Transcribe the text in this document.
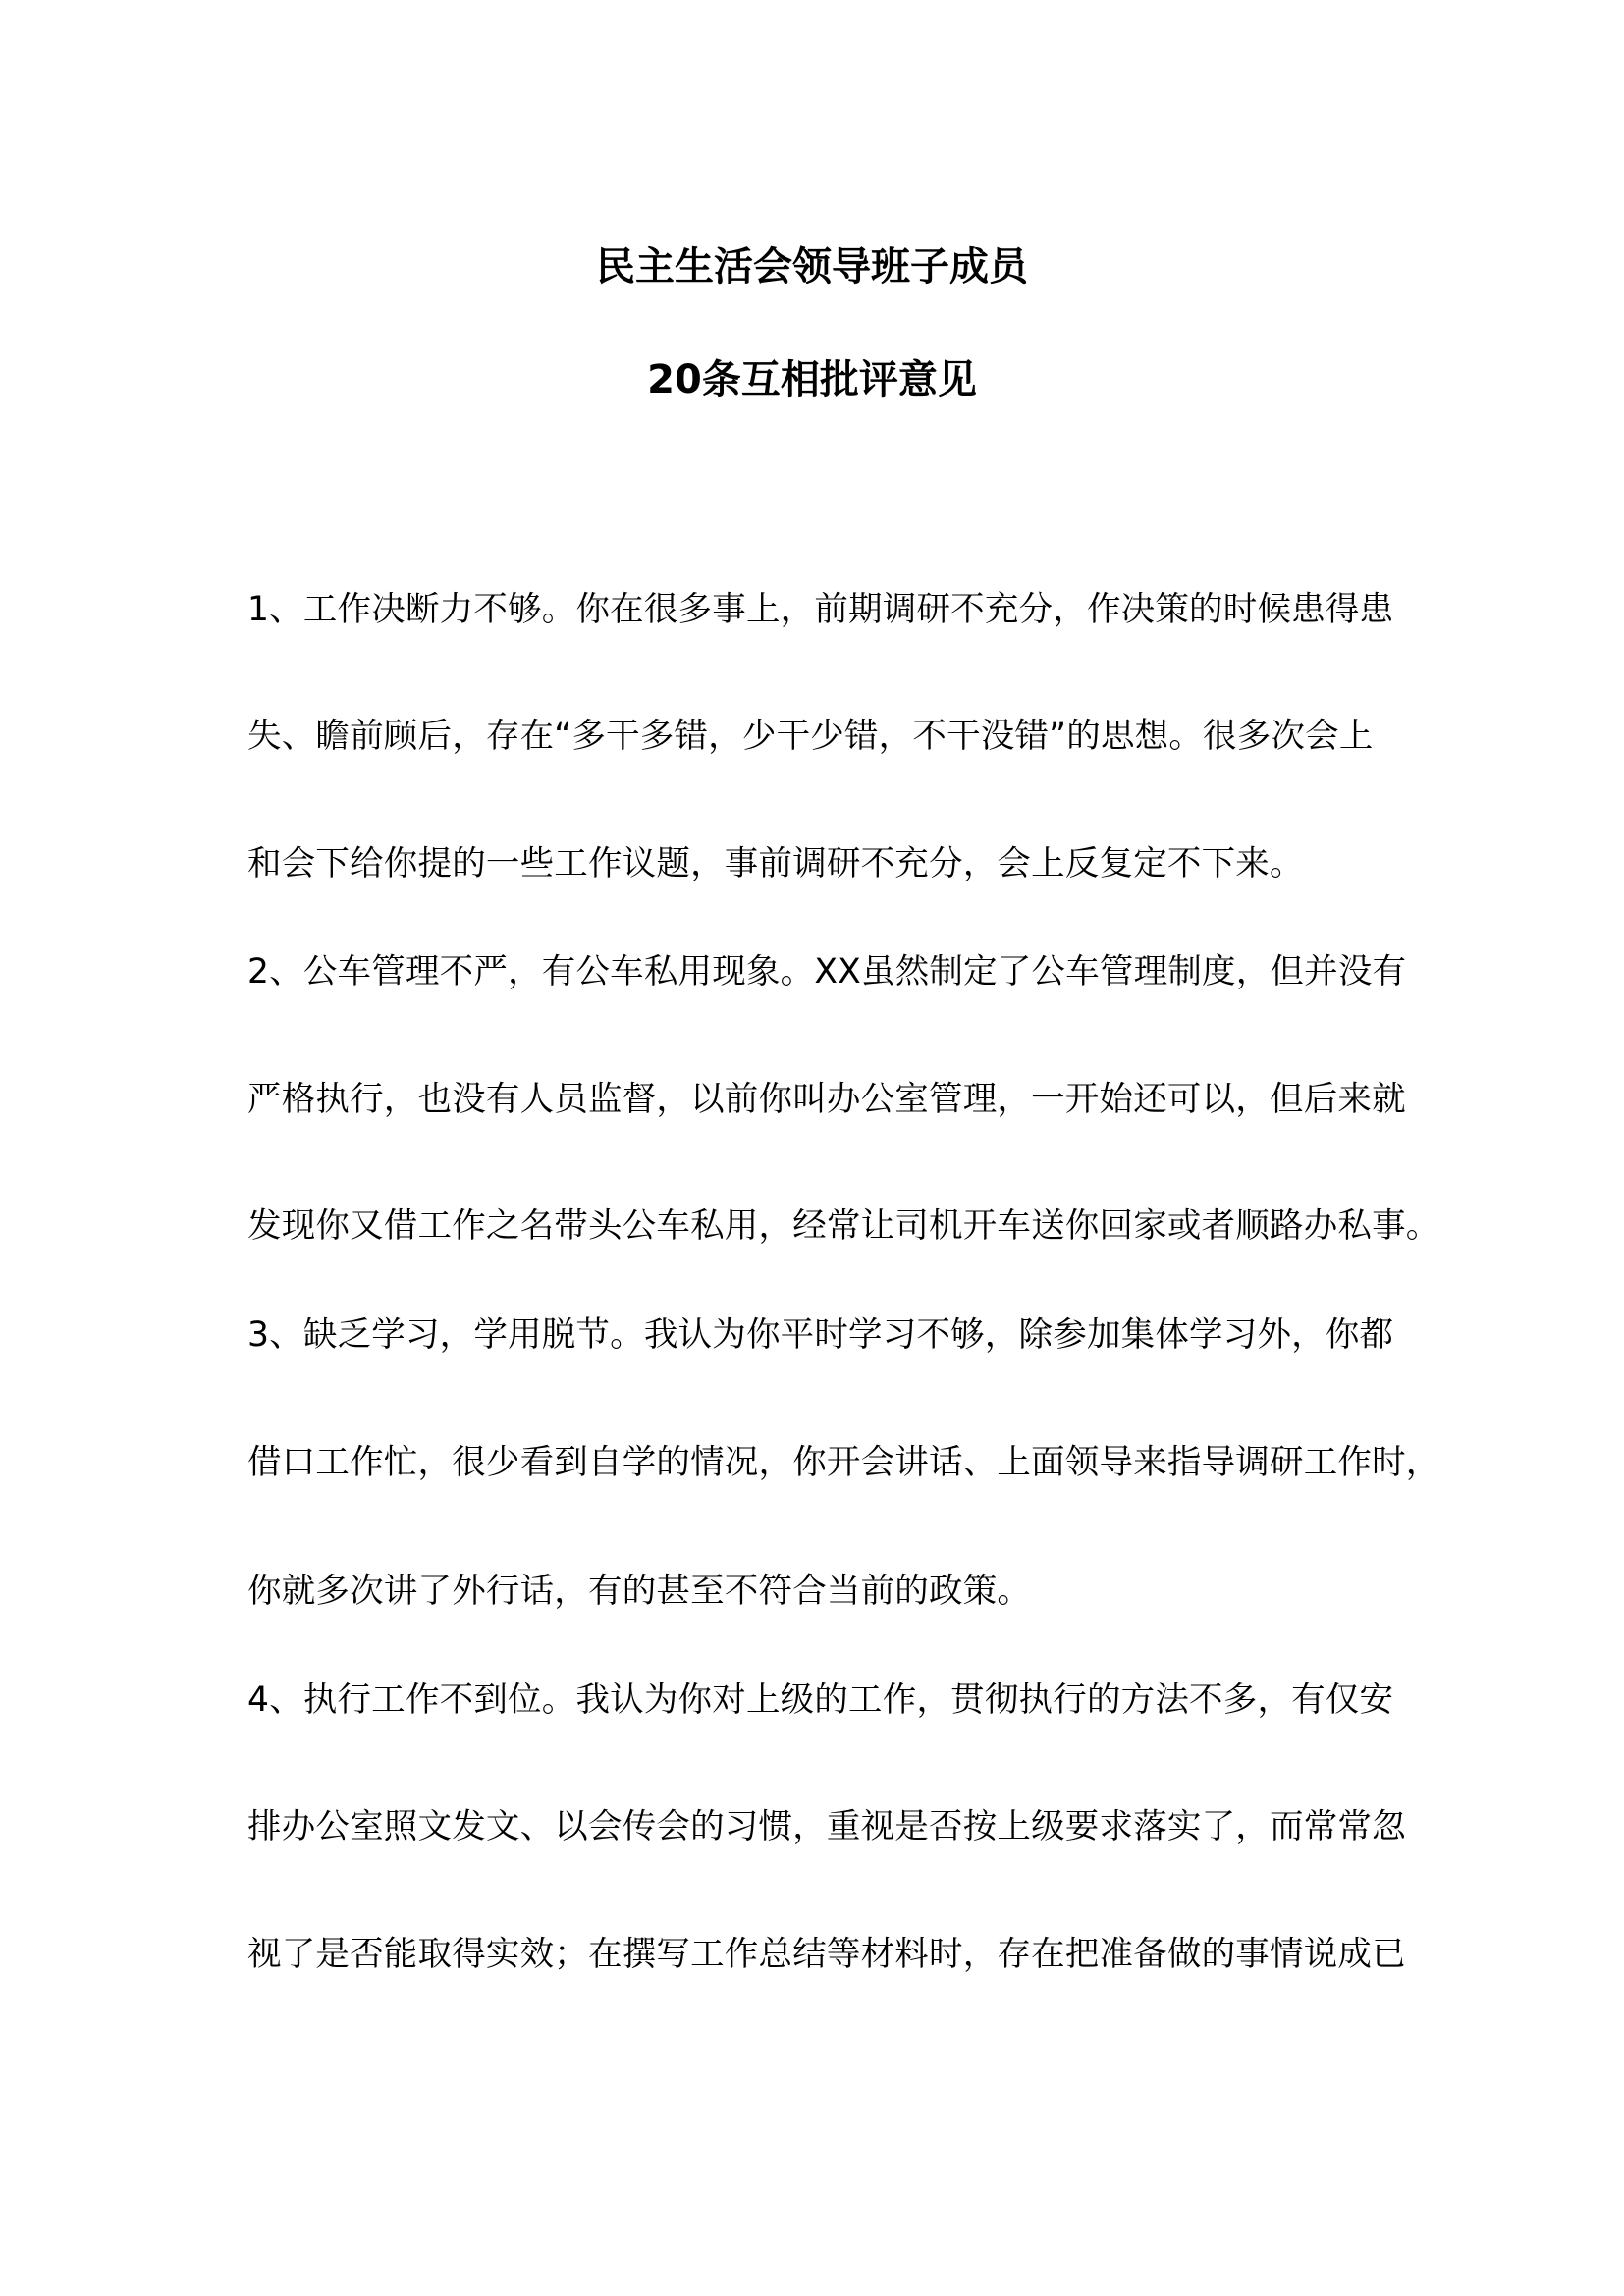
民主生活会领导班子成员
20条互相批评意见
1、工作决断力不够。你在很多事上，前期调研不充分，作决策的时候患得患
失、瞻前顾后，存在“多干多错，少干少错，不干没错”的思想。很多次会上
和会下给你提的一些工作议题，事前调研不充分，会上反复定不下来。
2、公车管理不严，有公车私用现象。XX虽然制定了公车管理制度，但并没有
严格执行，也没有人员监督，以前你叫办公室管理，一开始还可以，但后来就
发现你又借工作之名带头公车私用，经常让司机开车送你回家或者顺路办私事。
3、缺乏学习，学用脱节。我认为你平时学习不够，除参加集体学习外，你都
借口工作忙，很少看到自学的情况，你开会讲话、上面领导来指导调研工作时，
你就多次讲了外行话，有的甚至不符合当前的政策。
4、执行工作不到位。我认为你对上级的工作，贯彻执行的方法不多，有仅安
排办公室照文发文、以会传会的习惯，重视是否按上级要求落实了，而常常忽
视了是否能取得实效；在撰写工作总结等材料时，存在把准备做的事情说成已
